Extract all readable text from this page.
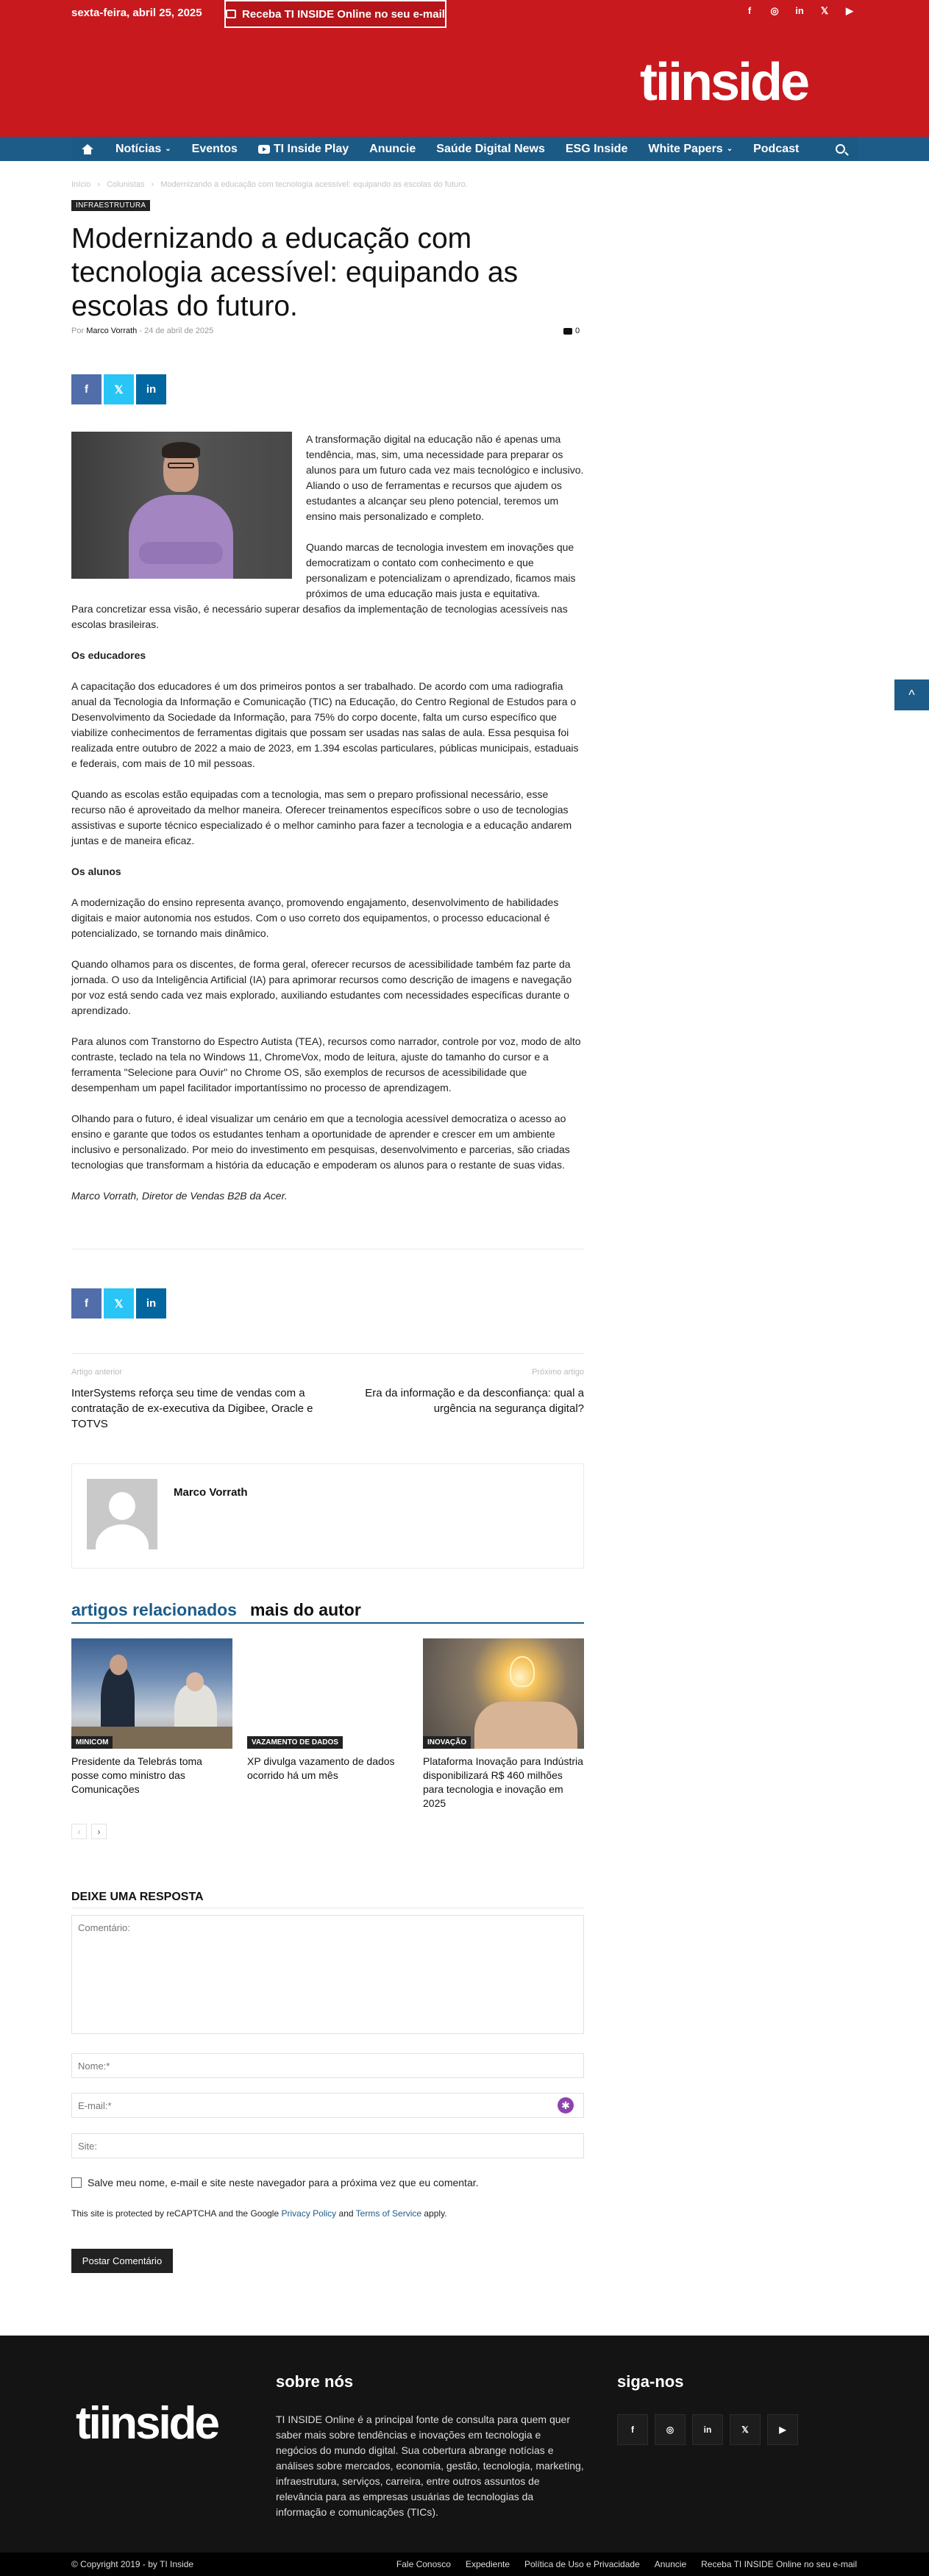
sexta-feira, abril 25, 2025	Receba TI INSIDE Online no seu e-mail	f	◎ in 𝕏 ▶
tiinside
Notícias ⌄ Eventos	TI Inside Play Anuncie Saúde Digital News ESG Inside White Papers ⌄ Podcast
Início › Colunistas › Modernizando a educação com tecnologia acessível: equipando as escolas do futuro.
INFRAESTRUTURA
Modernizando a educação com tecnologia acessível: equipando as escolas do futuro.
Por Marco Vorrath - 24 de abril de 2025	0
f	𝕏	in

A transformação digital na educação não é apenas uma tendência, mas, sim, uma necessidade para preparar os alunos para um futuro cada vez mais tecnológico e inclusivo. Aliando o uso de ferramentas e recursos que ajudem os estudantes a alcançar seu pleno potencial, teremos um ensino mais personalizado e completo.

Quando marcas de tecnologia investem em inovações que democratizam o contato com conhecimento e que personalizam e potencializam o aprendizado, ficamos mais próximos de uma educação mais justa e equitativa.

Para concretizar essa visão, é necessário superar desafios da implementação de tecnologias acessíveis nas escolas brasileiras.

Os educadores

A capacitação dos educadores é um dos primeiros pontos a ser trabalhado. De acordo com uma radiografia anual da Tecnologia da Informação e Comunicação (TIC) na Educação, do Centro Regional de Estudos para o Desenvolvimento da Sociedade da Informação, para 75% do corpo docente, falta um curso específico que viabilize conhecimentos de ferramentas digitais que possam ser usadas nas salas de aula. Essa pesquisa foi realizada entre outubro de 2022 a maio de 2023, em 1.394 escolas particulares, públicas municipais, estaduais e federais, com mais de 10 mil pessoas.

Quando as escolas estão equipadas com a tecnologia, mas sem o preparo profissional necessário, esse recurso não é aproveitado da melhor maneira. Oferecer treinamentos específicos sobre o uso de tecnologias assistivas e suporte técnico especializado é o melhor caminho para fazer a tecnologia e a educação andarem juntas e de maneira eficaz.

Os alunos

A modernização do ensino representa avanço, promovendo engajamento, desenvolvimento de habilidades digitais e maior autonomia nos estudos. Com o uso correto dos equipamentos, o processo educacional é potencializado, se tornando mais dinâmico.

Quando olhamos para os discentes, de forma geral, oferecer recursos de acessibilidade também faz parte da jornada. O uso da Inteligência Artificial (IA) para aprimorar recursos como descrição de imagens e navegação por voz está sendo cada vez mais explorado, auxiliando estudantes com necessidades específicas durante o aprendizado.

Para alunos com Transtorno do Espectro Autista (TEA), recursos como narrador, controle por voz, modo de alto contraste, teclado na tela no Windows 11, ChromeVox, modo de leitura, ajuste do tamanho do cursor e a ferramenta "Selecione para Ouvir" no Chrome OS, são exemplos de recursos de acessibilidade que desempenham um papel facilitador importantíssimo no processo de aprendizagem.

Olhando para o futuro, é ideal visualizar um cenário em que a tecnologia acessível democratiza o acesso ao ensino e garante que todos os estudantes tenham a oportunidade de aprender e crescer em um ambiente inclusivo e personalizado. Por meio do investimento em pesquisas, desenvolvimento e parcerias, são criadas tecnologias que transformam a história da educação e empoderam os alunos para o restante de suas vidas.

Marco Vorrath, Diretor de Vendas B2B da Acer.

f	𝕏	in
Artigo anterior
InterSystems reforça seu time de vendas com a contratação de ex-executiva da Digibee, Oracle e TOTVS
Próximo artigo
Era da informação e da desconfiança: qual a urgência na segurança digital?
Marco Vorrath
artigos relacionados mais do autor
MINICOM
Presidente da Telebrás toma posse como ministro das Comunicações
VAZAMENTO DE DADOS
XP divulga vazamento de dados ocorrido há um mês
INOVAÇÃO
Plataforma Inovação para Indústria disponibilizará R$ 460 milhões para tecnologia e inovação em 2025
‹	›
DEIXE UMA RESPOSTA
Comentário:
Nome:*
E-mail:*
✱
Site:
Salve meu nome, e-mail e site neste navegador para a próxima vez que eu comentar.
This site is protected by reCAPTCHA and the Google Privacy Policy and Terms of Service apply.
Postar Comentário
^
tiinside
sobre nós
TI INSIDE Online é a principal fonte de consulta para quem quer saber mais sobre tendências e inovações em tecnologia e negócios do mundo digital. Sua cobertura abrange notícias e análises sobre mercados, economia, gestão, tecnologia, marketing, infraestrutura, serviços, carreira, entre outros assuntos de relevância para as empresas usuárias de tecnologias da informação e comunicações (TICs).
siga-nos
f	◎	in	𝕏	▶
© Copyright 2019 - by TI Inside	Fale Conosco Expediente Política de Uso e Privacidade Anuncie Receba TI INSIDE Online no seu e-mail
